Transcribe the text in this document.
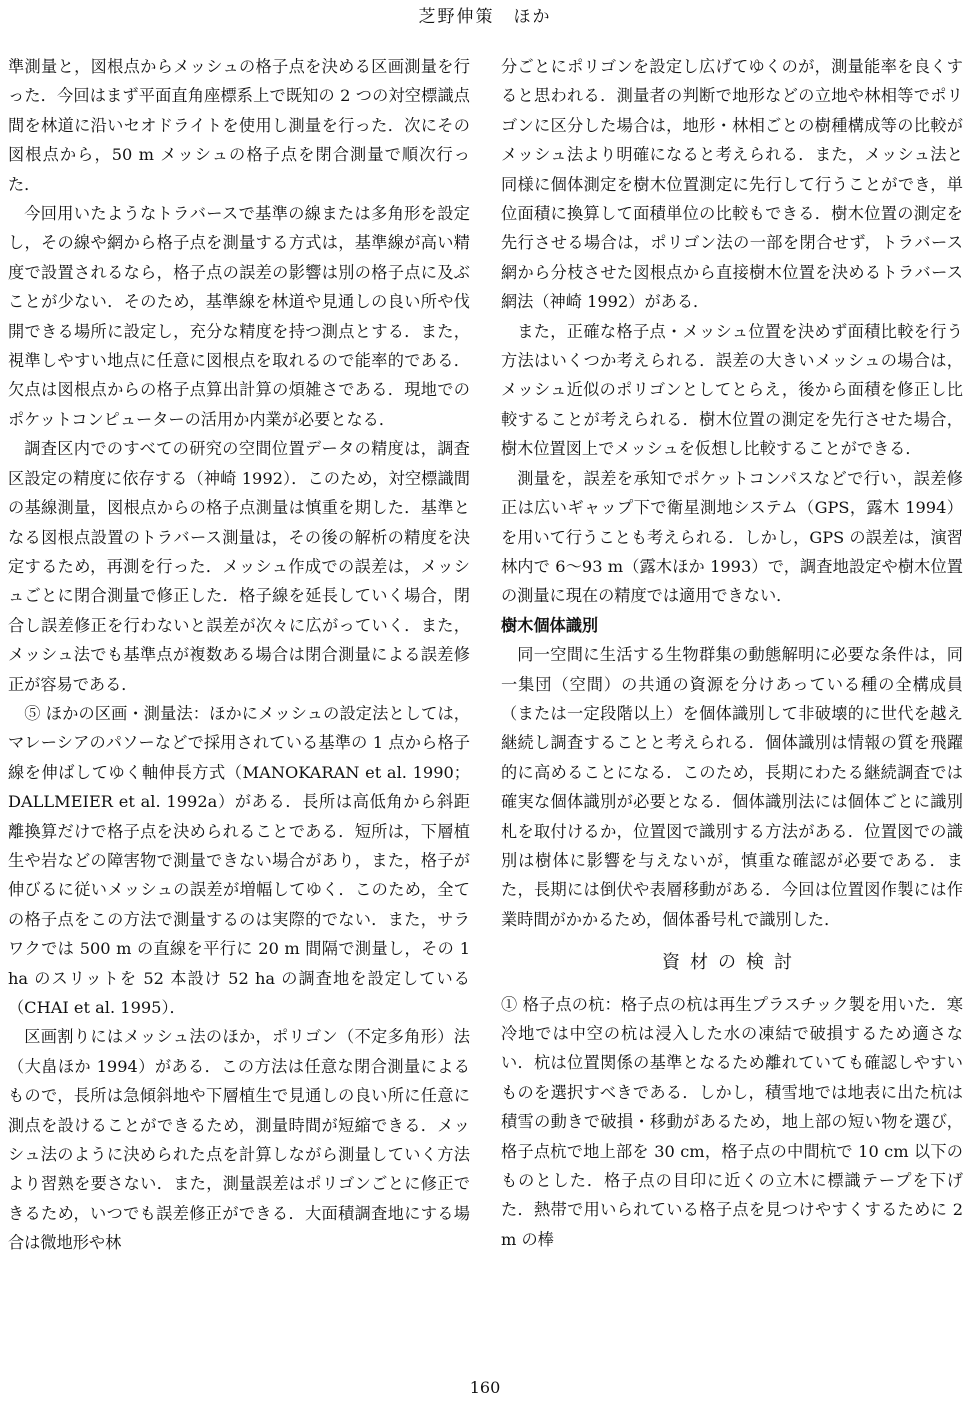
芝野伸策　ほか

準測量と，図根点からメッシュの格子点を決める区画測量を行った．今回はまず平面直角座標系上で既知の 2 つの対空標識点間を林道に沿いセオドライトを使用し測量を行った．次にその図根点から，50 m メッシュの格子点を閉合測量で順次行った．

今回用いたようなトラバースで基準の線または多角形を設定し，その線や網から格子点を測量する方式は，基準線が高い精度で設置されるなら，格子点の誤差の影響は別の格子点に及ぶことが少ない．そのため，基準線を林道や見通しの良い所や伐開できる場所に設定し，充分な精度を持つ測点とする．また，視準しやすい地点に任意に図根点を取れるので能率的である．欠点は図根点からの格子点算出計算の煩雑さである．現地でのポケットコンピューターの活用か内業が必要となる．

調査区内でのすべての研究の空間位置データの精度は，調査区設定の精度に依存する（神崎 1992）．このため，対空標識間の基線測量，図根点からの格子点測量は慎重を期した．基準となる図根点設置のトラバース測量は，その後の解析の精度を決定するため，再測を行った．メッシュ作成での誤差は，メッシュごとに閉合測量で修正した．格子線を延長していく場合，閉合し誤差修正を行わないと誤差が次々に広がっていく．また，メッシュ法でも基準点が複数ある場合は閉合測量による誤差修正が容易である．

⑤ ほかの区画・測量法：ほかにメッシュの設定法としては，マレーシアのパソーなどで採用されている基準の 1 点から格子線を伸ばしてゆく軸伸長方式（MANOKARAN et al. 1990；DALLMEIER et al. 1992a）がある．長所は高低角から斜距離換算だけで格子点を決められることである．短所は，下層植生や岩などの障害物で測量できない場合があり，また，格子が伸びるに従いメッシュの誤差が増幅してゆく．このため，全ての格子点をこの方法で測量するのは実際的でない．また，サラワクでは 500 m の直線を平行に 20 m 間隔で測量し，その 1 ha のスリットを 52 本設け 52 ha の調査地を設定している（CHAI et al. 1995）．

区画割りにはメッシュ法のほか，ポリゴン（不定多角形）法（大畠ほか 1994）がある．この方法は任意な閉合測量によるもので，長所は急傾斜地や下層植生で見通しの良い所に任意に測点を設けることができるため，測量時間が短縮できる．メッシュ法のように決められた点を計算しながら測量していく方法より習熟を要さない．また，測量誤差はポリゴンごとに修正できるため，いつでも誤差修正ができる．大面積調査地にする場合は微地形や林

分ごとにポリゴンを設定し広げてゆくのが，測量能率を良くすると思われる．測量者の判断で地形などの立地や林相等でポリゴンに区分した場合は，地形・林相ごとの樹種構成等の比較がメッシュ法より明確になると考えられる．また，メッシュ法と同様に個体測定を樹木位置測定に先行して行うことができ，単位面積に換算して面積単位の比較もできる．樹木位置の測定を先行させる場合は，ポリゴン法の一部を閉合せず，トラバース網から分枝させた図根点から直接樹木位置を決めるトラバース網法（神崎 1992）がある．

また，正確な格子点・メッシュ位置を決めず面積比較を行う方法はいくつか考えられる．誤差の大きいメッシュの場合は，メッシュ近似のポリゴンとしてとらえ，後から面積を修正し比較することが考えられる．樹木位置の測定を先行させた場合，樹木位置図上でメッシュを仮想し比較することができる．

測量を，誤差を承知でポケットコンパスなどで行い，誤差修正は広いギャップ下で衛星測地システム（GPS，露木 1994）を用いて行うことも考えられる．しかし，GPS の誤差は，演習林内で 6～93 m（露木ほか 1993）で，調査地設定や樹木位置の測量に現在の精度では適用できない．

樹木個体識別

同一空間に生活する生物群集の動態解明に必要な条件は，同一集団（空間）の共通の資源を分けあっている種の全構成員（または一定段階以上）を個体識別して非破壊的に世代を越え継続し調査することと考えられる．個体識別は情報の質を飛躍的に高めることになる．このため，長期にわたる継続調査では確実な個体識別が必要となる．個体識別法には個体ごとに識別札を取付けるか，位置図で識別する方法がある．位置図での識別は樹体に影響を与えないが，慎重な確認が必要である．また，長期には倒伏や表層移動がある．今回は位置図作製には作業時間がかかるため，個体番号札で識別した．

資材の検討

① 格子点の杭：格子点の杭は再生プラスチック製を用いた．寒冷地では中空の杭は浸入した水の凍結で破損するため適さない．杭は位置関係の基準となるため離れていても確認しやすいものを選択すべきである．しかし，積雪地では地表に出た杭は積雪の動きで破損・移動があるため，地上部の短い物を選び，格子点杭で地上部を 30 cm，格子点の中間杭で 10 cm 以下のものとした．格子点の目印に近くの立木に標識テープを下げた．熱帯で用いられている格子点を見つけやすくするために 2 m の棒

160
